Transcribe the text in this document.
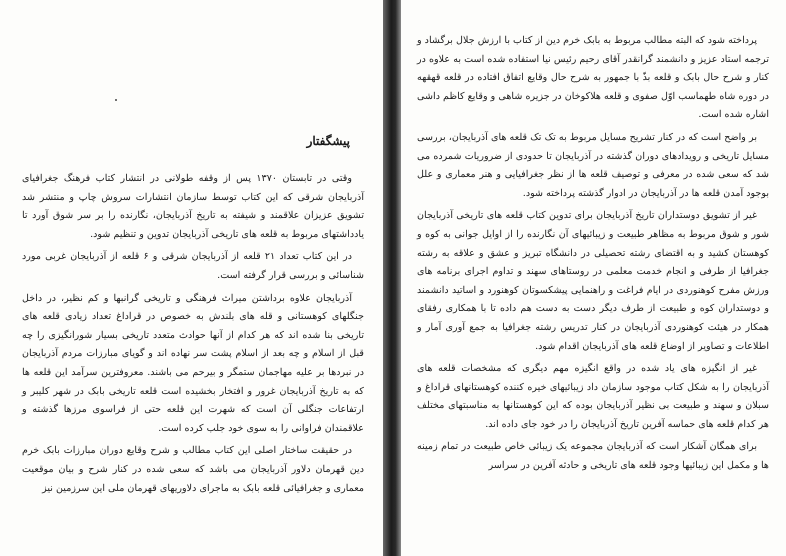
پیشگفتار

وقتی در تابستان ۱۳۷۰ پس از وقفه طولانی در انتشار کتاب فرهنگ جغرافیای آذربایجان شرقی که این کتاب توسط سازمان انتشارات سروش چاپ و منتشر شد تشویق عزیزان علاقمند و شیفته به تاریخ آذربایجان، نگارنده را بر سر شوق آورد تا یادداشتهای مربوط به قلعه های تاریخی آذربایجان تدوین و تنظیم شود.

در این کتاب تعداد ۲۱ قلعه از آذربایجان شرقی و ۶ قلعه از آذربایجان غربی مورد شناسائی و بررسی قرار گرفته است.

آذربایجان علاوه برداشتن میراث فرهنگی و تاریخی گرانبها و کم نظیر، در داخل جنگلهای کوهستانی و قله های بلندش به خصوص در قراداغ تعداد زیادی قلعه های تاریخی بنا شده اند که هر کدام از آنها حوادث متعدد تاریخی بسیار شورانگیزی را چه قبل از اسلام و چه بعد از اسلام پشت سر نهاده اند و گویای مبارزات مردم آذربایجان در نبردها بر علیه مهاجمان ستمگر و بیرحم می باشند. معروفترین سرآمد این قلعه ها که به تاریخ آذربایجان غرور و افتخار بخشیده است قلعه تاریخی بابک در شهر کلیبر و ارتفاعات جنگلی آن است که شهرت این قلعه حتی از فراسوی مرزها گذشته و علاقمندان فراوانی را به سوی خود جلب کرده است.

در حقیقت ساختار اصلی این کتاب مطالب و شرح وقایع دوران مبارزات بابک خرم دین قهرمان دلاور آذربایجان می باشد که سعی شده در کنار شرح و بیان موقعیت معماری و جغرافیائی قلعه بابک به ماجرای دلاوریهای قهرمان ملی این سرزمین نیز

پرداخته شود که البته مطالب مربوط به بابک خرم دین از کتاب با ارزش جلال برگشاد و ترجمه استاد عزیز و دانشمند گرانقدر آقای رحیم رئیس نیا استفاده شده است به علاوه در کنار و شرح حال بابک و قلعه بذّ با جمهور به شرح حال وقایع اتفاق افتاده در قلعه قهقهه در دوره شاه طهماسب اوّل صفوی و قلعه هلاکوخان در جزیره شاهی و وقایع کاظم داشی اشاره شده است.

بر واضح است که در کنار تشریح مسایل مربوط به تک تک قلعه های آذربایجان، بررسی مسایل تاریخی و رویدادهای دوران گذشته در آذربایجان تا حدودی از ضروریات شمرده می شد که سعی شده در معرفی و توصیف قلعه ها از نظر جغرافیایی و هنر معماری و علل بوجود آمدن قلعه ها در آذربایجان در ادوار گذشته پرداخته شود.

غیر از تشویق دوستداران تاریخ آذربایجان برای تدوین کتاب قلعه های تاریخی آذربایجان شور و شوق مربوط به مظاهر طبیعت و زیبائیهای آن نگارنده را از اوایل جوانی به کوه و کوهستان کشید و به اقتضای رشته تحصیلی در دانشگاه تبریز و عشق و علاقه به رشته جغرافیا از طرفی و انجام خدمت معلمی در روستاهای سهند و تداوم اجرای برنامه های ورزش مفرح کوهنوردی در ایام فراغت و راهنمایی پیشکسوتان کوهنورد و اساتید دانشمند و دوستداران کوه و طبیعت از طرف دیگر دست به دست هم داده تا با همکاری رفقای همکار در هیئت کوهنوردی آذربایجان در کنار تدریس رشته جغرافیا به جمع آوری آمار و اطلاعات و تصاویر از اوضاع قلعه های آذربایجان اقدام شود.

غیر از انگیزه های یاد شده در واقع انگیزه مهم دیگری که مشخصات قلعه های آذربایجان را به شکل کتاب موجود سازمان داد زیبائیهای خیره کننده کوهستانهای قراداغ و سبلان و سهند و طبیعت بی نظیر آذربایجان بوده که این کوهستانها به مناسبتهای مختلف هر کدام قلعه های حماسه آفرین تاریخ آذربایجان را در خود جای داده اند.

برای همگان آشکار است که آذربایجان مجموعه یک زیبائی خاص طبیعت در تمام زمینه ها و مکمل این زیبائیها وجود قلعه های تاریخی و حادثه آفرین در سراسر
